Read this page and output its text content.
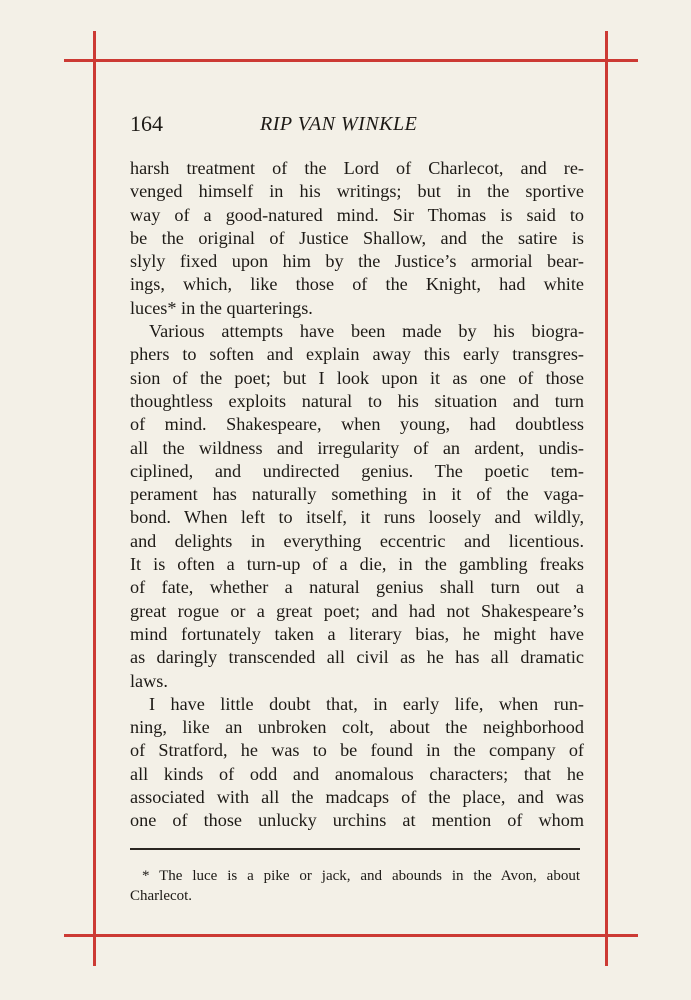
164	RIP VAN WINKLE
harsh treatment of the Lord of Charlecot, and re-
venged himself in his writings; but in the sportive
way of a good-natured mind. Sir Thomas is said to
be the original of Justice Shallow, and the satire is
slyly fixed upon him by the Justice’s armorial bear-
ings, which, like those of the Knight, had white
luces* in the quarterings.
Various attempts have been made by his biogra-
phers to soften and explain away this early transgres-
sion of the poet; but I look upon it as one of those
thoughtless exploits natural to his situation and turn
of mind. Shakespeare, when young, had doubtless
all the wildness and irregularity of an ardent, undis-
ciplined, and undirected genius. The poetic tem-
perament has naturally something in it of the vaga-
bond. When left to itself, it runs loosely and wildly,
and delights in everything eccentric and licentious.
It is often a turn-up of a die, in the gambling freaks
of fate, whether a natural genius shall turn out a
great rogue or a great poet; and had not Shakespeare’s
mind fortunately taken a literary bias, he might have
as daringly transcended all civil as he has all dramatic
laws.
I have little doubt that, in early life, when run-
ning, like an unbroken colt, about the neighborhood
of Stratford, he was to be found in the company of
all kinds of odd and anomalous characters; that he
associated with all the madcaps of the place, and was
one of those unlucky urchins at mention of whom
* The luce is a pike or jack, and abounds in the Avon, about
Charlecot.
